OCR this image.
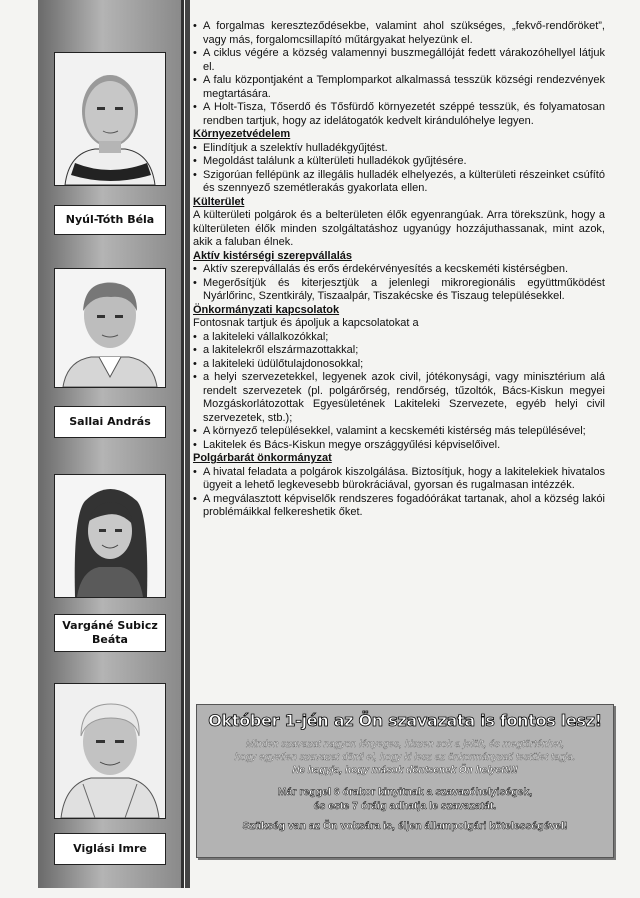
Nyúl-Tóth Béla
Sallai András
Vargáné Subicz
Beáta
Viglási Imre

• A forgalmas kereszteződésekbe, valamint ahol szükséges, „fekvő-rendőröket”, vagy más, forgalomcsillapító műtárgyakat helyezünk el.

• A ciklus végére a község valamennyi buszmegállóját fedett várakozóhellyel látjuk el.

• A falu központjaként a Templomparkot alkalmassá tesszük községi rendezvények megtartására.

• A Holt-Tisza, Tőserdő és Tősfürdő környezetét széppé tesszük, és folyamatosan rendben tartjuk, hogy az idelátogatók kedvelt kirándulóhelye legyen.

Környezetvédelem

• Elindítjuk a szelektív hulladékgyűjtést.

• Megoldást találunk a külterületi hulladékok gyűjtésére.

• Szigorúan fellépünk az illegális hulladék elhelyezés, a külterületi részeinket csúfító és szennyező szemétlerakás gyakorlata ellen.

Külterület

A külterületi polgárok és a belterületen élők egyenrangúak. Arra törekszünk, hogy a külterületen élők minden szolgáltatáshoz ugyanúgy hozzájuthassanak, mint azok, akik a faluban élnek.

Aktív kistérségi szerepvállalás

• Aktív szerepvállalás és erős érdekérvényesítés a kecskeméti kistérségben.

• Megerősítjük és kiterjesztjük a jelenlegi mikroregionális együttműködést Nyárlőrinc, Szentkirály, Tiszaalpár, Tiszakécske és Tiszaug településekkel.

Önkormányzati kapcsolatok

Fontosnak tartjuk és ápoljuk a kapcsolatokat a

• a lakiteleki vállalkozókkal;

• a lakitelekről elszármazottakkal;

• a lakiteleki üdülőtulajdonosokkal;

• a helyi szervezetekkel, legyenek azok civil, jótékonysági, vagy minisztérium alá rendelt szervezetek (pl. polgárőrség, rendőrség, tűzoltók, Bács-Kiskun megyei Mozgáskorlátozottak Egyesületének Lakiteleki Szervezete, egyéb helyi civil szervezetek, stb.);

• A környező településekkel, valamint a kecskeméti kistérség más településével;

• Lakitelek és Bács-Kiskun megye országgyűlési képviselőivel.

Polgárbarát önkormányzat

• A hivatal feladata a polgárok kiszolgálása. Biztosítjuk, hogy a lakitelekiek hivatalos ügyeit a lehető legkevesebb bürokráciával, gyorsan és rugalmasan intézzék.

• A megválasztott képviselők rendszeres fogadóórákat tartanak, ahol a község lakói problémáikkal felkereshetik őket.

Október 1-jén az Ön szavazata is fontos lesz!
Minden szavazat nagyon lényeges, hiszen sok a jelölt, és megtörténhet,
hogy egyetlen szavazat dönti el, hogy ki lesz az önkormányzati testület tagja.
Ne hagyja, hogy mások döntsenek Ön helyett!!!
Már reggel 6 órakor kinyitnak a szavazóhelyiségek,
és este 7 óráig adhatja le szavazatát.
Szükség van az Ön voksára is, éljen állampolgári kötelességével!
